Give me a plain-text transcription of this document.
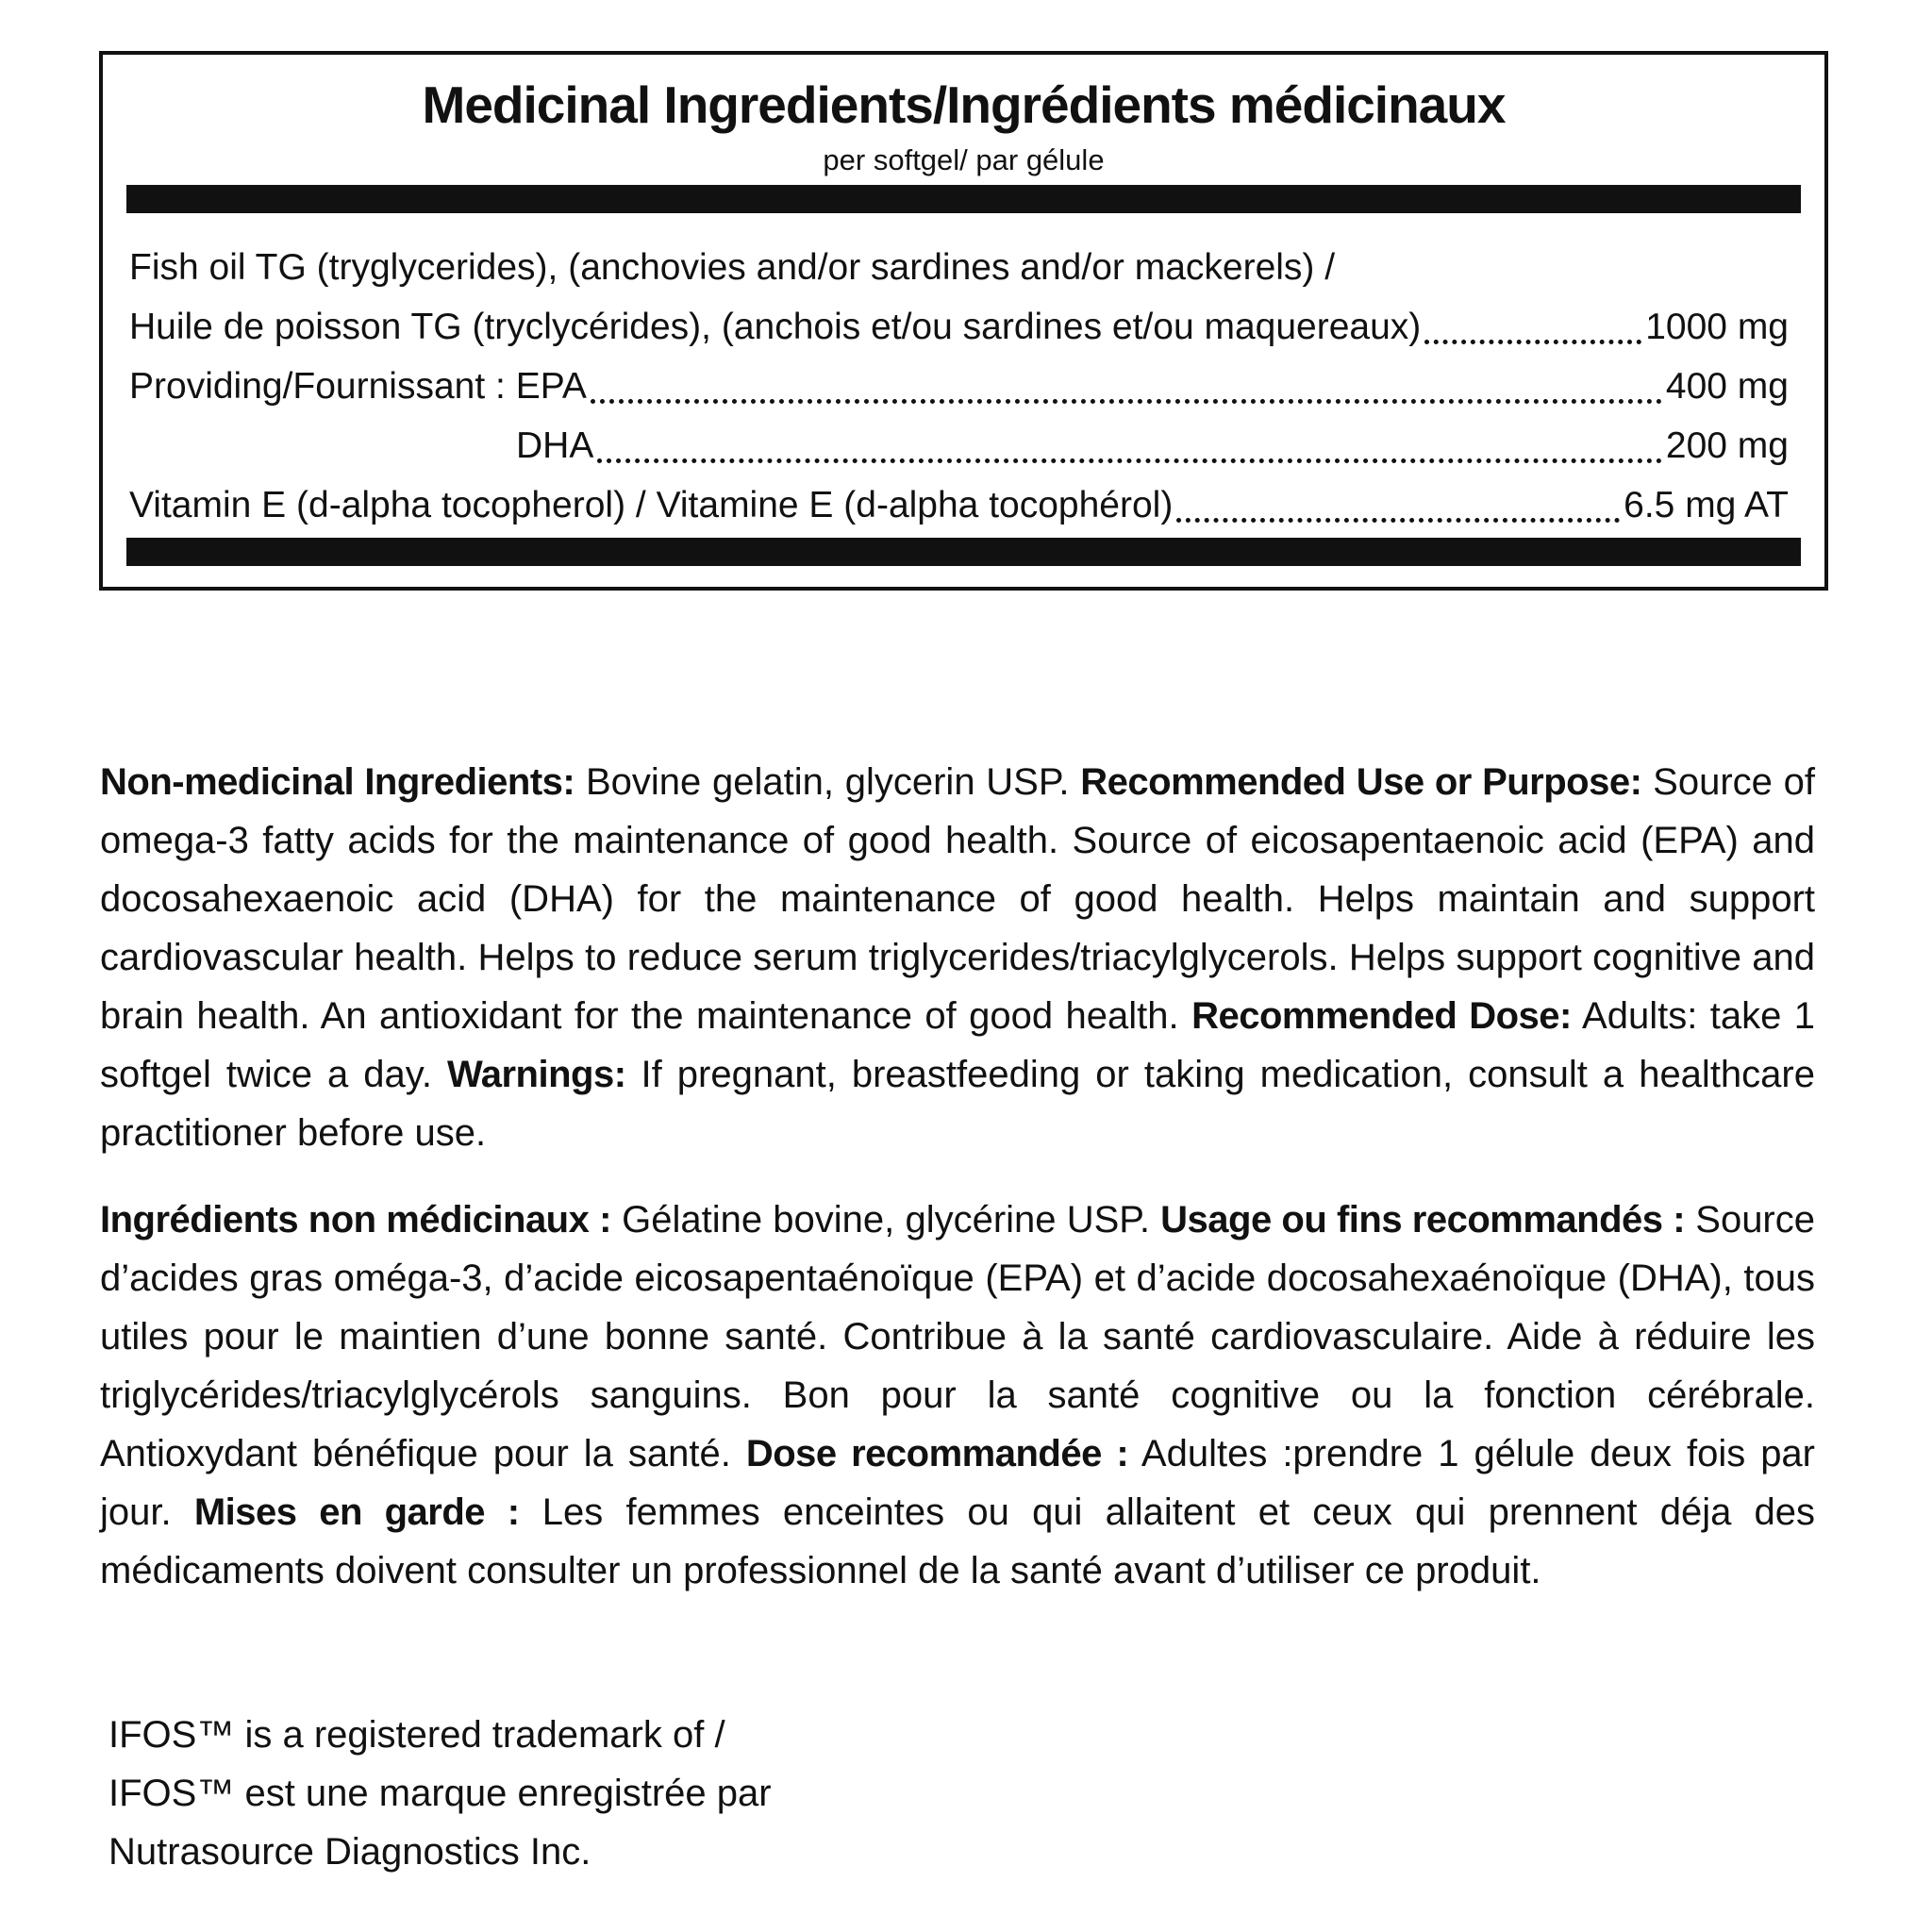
Medicinal Ingredients/Ingrédients médicinaux
per softgel/ par gélule
Fish oil TG (tryglycerides), (anchovies and/or sardines and/or mackerels) /
Huile de poisson TG (tryclycérides), (anchois et/ou sardines et/ou maquereaux)	1000 mg
Providing/Fournissant : EPA	400 mg
DHA	200 mg
Vitamin E (d-alpha tocopherol) / Vitamine E (d-alpha tocophérol)	6.5 mg AT

Non-medicinal Ingredients: Bovine gelatin, glycerin USP. Recommended Use or Purpose: Source of omega-3 fatty acids for the maintenance of good health. Source of eicosapentaenoic acid (EPA) and docosahexaenoic acid (DHA) for the maintenance of good health. Helps maintain and support cardiovascular health. Helps to reduce serum triglycerides/triacylglycerols. Helps support cognitive and brain health. An antioxidant for the maintenance of good health. Recommended Dose: Adults: take 1 softgel twice a day. Warnings: If pregnant, breastfeeding or taking medication, consult a healthcare practitioner before use.

Ingrédients non médicinaux : Gélatine bovine, glycérine USP. Usage ou fins recommandés : Source d’acides gras oméga-3, d’acide eicosapentaénoïque (EPA) et d’acide docosahexaénoïque (DHA), tous utiles pour le maintien d’une bonne santé. Contribue à la santé cardiovasculaire. Aide à réduire les triglycérides/triacylglycérols sanguins. Bon pour la santé cognitive ou la fonction cérébrale. Antioxydant bénéfique pour la santé. Dose recommandée : Adultes :prendre 1 gélule deux fois par jour. Mises en garde : Les femmes enceintes ou qui allaitent et ceux qui prennent déja des médicaments doivent consulter un professionnel de la santé avant d’utiliser ce produit.

IFOS™ is a registered trademark of /
IFOS™ est une marque enregistrée par
Nutrasource Diagnostics Inc.
